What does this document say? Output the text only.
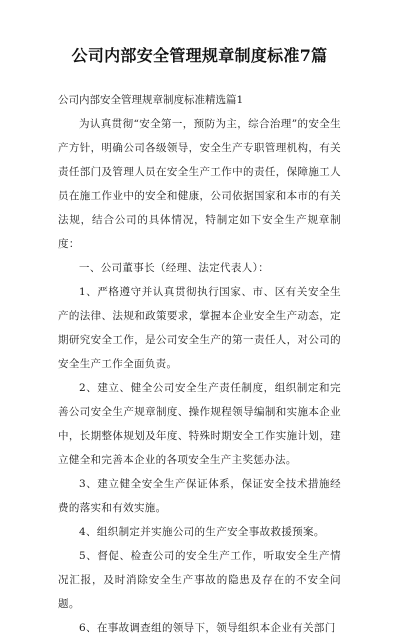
公司内部安全管理规章制度标准7篇

公司内部安全管理规章制度标准精选篇1

为认真贯彻“安全第一，预防为主，综合治理”的安全生产方针，明确公司各级领导，安全生产专职管理机构，有关责任部门及管理人员在安全生产工作中的责任，保障施工人员在施工作业中的安全和健康，公司依据国家和本市的有关法规，结合公司的具体情况，特制定如下安全生产规章制度：

一、公司董事长（经理、法定代表人）：

1、严格遵守并认真贯彻执行国家、市、区有关安全生产的法律、法规和政策要求，掌握本企业安全生产动态，定期研究安全工作，是公司安全生产的第一责任人，对公司的安全生产工作全面负责。

2、建立、健全公司安全生产责任制度，组织制定和完善公司安全生产规章制度、操作规程领导编制和实施本企业中，长期整体规划及年度、特殊时期安全工作实施计划，建立健全和完善本企业的各项安全生产主奖惩办法。

3、建立健全安全生产保证体系，保证安全技术措施经费的落实和有效实施。

4、组织制定并实施公司的生产安全事故救援预案。

5、督促、检查公司的安全生产工作，听取安全生产情况汇报，及时消除安全生产事故的隐患及存在的不安全问题。

6、在事故调查组的领导下，领导组织本企业有关部门
